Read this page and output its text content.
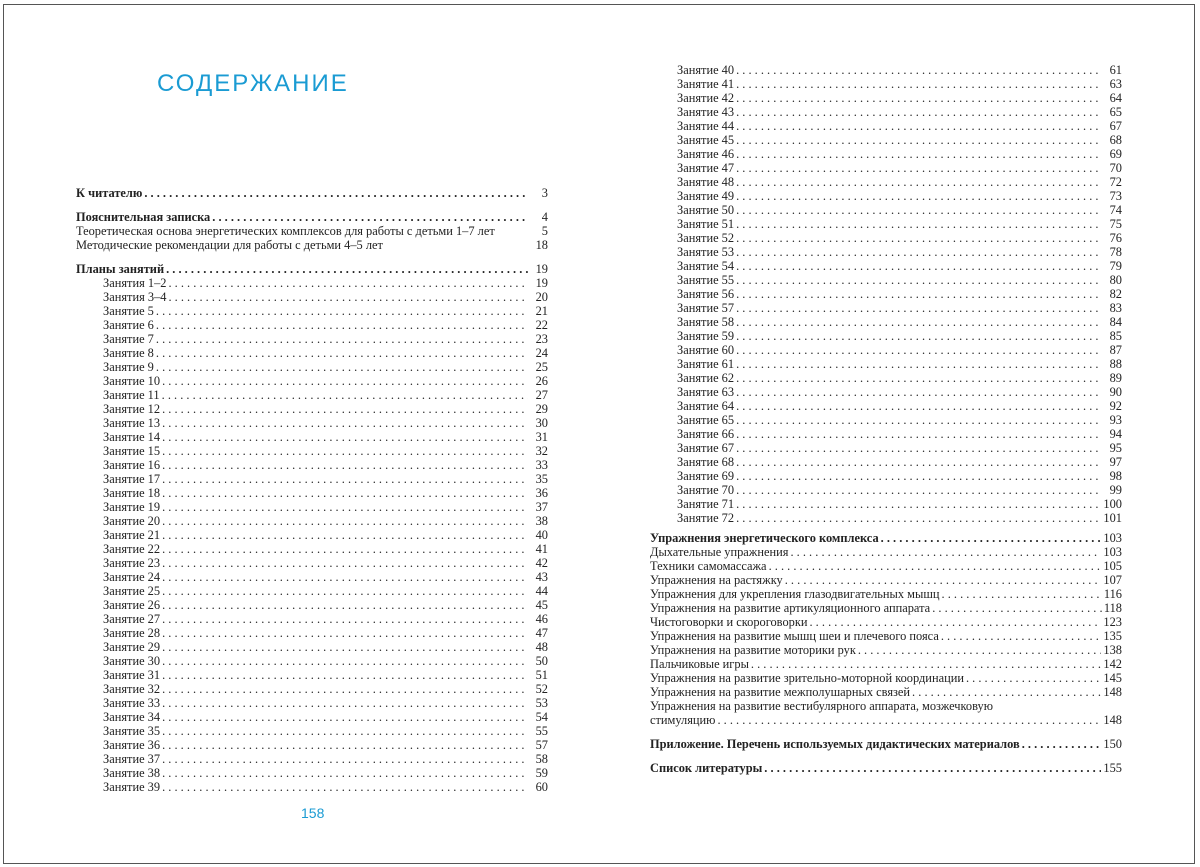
СОДЕРЖАНИЕ
К читателю . . .	3
Пояснительная записка . . .	4
Теоретическая основа энергетических комплексов для работы с детьми 1–7 лет	5
Методические рекомендации для работы с детьми 4–5 лет	18
Планы занятий . . .	19
Занятия 1–2 . . .	19
Занятия 3–4 . . .	20
Занятие 5 . . .	21
Занятие 6 . . .	22
Занятие 7 . . .	23
Занятие 8 . . .	24
Занятие 9 . . .	25
Занятие 10 . . .	26
Занятие 11 . . .	27
Занятие 12 . . .	29
Занятие 13 . . .	30
Занятие 14 . . .	31
Занятие 15 . . .	32
Занятие 16 . . .	33
Занятие 17 . . .	35
Занятие 18 . . .	36
Занятие 19 . . .	37
Занятие 20 . . .	38
Занятие 21 . . .	40
Занятие 22 . . .	41
Занятие 23 . . .	42
Занятие 24 . . .	43
Занятие 25 . . .	44
Занятие 26 . . .	45
Занятие 27 . . .	46
Занятие 28 . . .	47
Занятие 29 . . .	48
Занятие 30 . . .	50
Занятие 31 . . .	51
Занятие 32 . . .	52
Занятие 33 . . .	53
Занятие 34 . . .	54
Занятие 35 . . .	55
Занятие 36 . . .	57
Занятие 37 . . .	58
Занятие 38 . . .	59
Занятие 39 . . .	60
Занятие 40 . . .	61
Занятие 41 . . .	63
Занятие 42 . . .	64
Занятие 43 . . .	65
Занятие 44 . . .	67
Занятие 45 . . .	68
Занятие 46 . . .	69
Занятие 47 . . .	70
Занятие 48 . . .	72
Занятие 49 . . .	73
Занятие 50 . . .	74
Занятие 51 . . .	75
Занятие 52 . . .	76
Занятие 53 . . .	78
Занятие 54 . . .	79
Занятие 55 . . .	80
Занятие 56 . . .	82
Занятие 57 . . .	83
Занятие 58 . . .	84
Занятие 59 . . .	85
Занятие 60 . . .	87
Занятие 61 . . .	88
Занятие 62 . . .	89
Занятие 63 . . .	90
Занятие 64 . . .	92
Занятие 65 . . .	93
Занятие 66 . . .	94
Занятие 67 . . .	95
Занятие 68 . . .	97
Занятие 69 . . .	98
Занятие 70 . . .	99
Занятие 71 . . .	100
Занятие 72 . . .	101
Упражнения энергетического комплекса . . .	103
Дыхательные упражнения . . .	103
Техники самомассажа . . .	105
Упражнения на растяжку . . .	107
Упражнения для укрепления глазодвигательных мышц . . .	116
Упражнения на развитие артикуляционного аппарата . . .	118
Чистоговорки и скороговорки . . .	123
Упражнения на развитие мышц шеи и плечевого пояса . . .	135
Упражнения на развитие моторики рук . . .	138
Пальчиковые игры . . .	142
Упражнения на развитие зрительно-моторной координации . . .	145
Упражнения на развитие межполушарных связей . . .	148
Упражнения на развитие вестибулярного аппарата, мозжечковую
стимуляцию . . .	148
Приложение. Перечень используемых дидактических материалов . . .	150
Список литературы . . .	155
158
